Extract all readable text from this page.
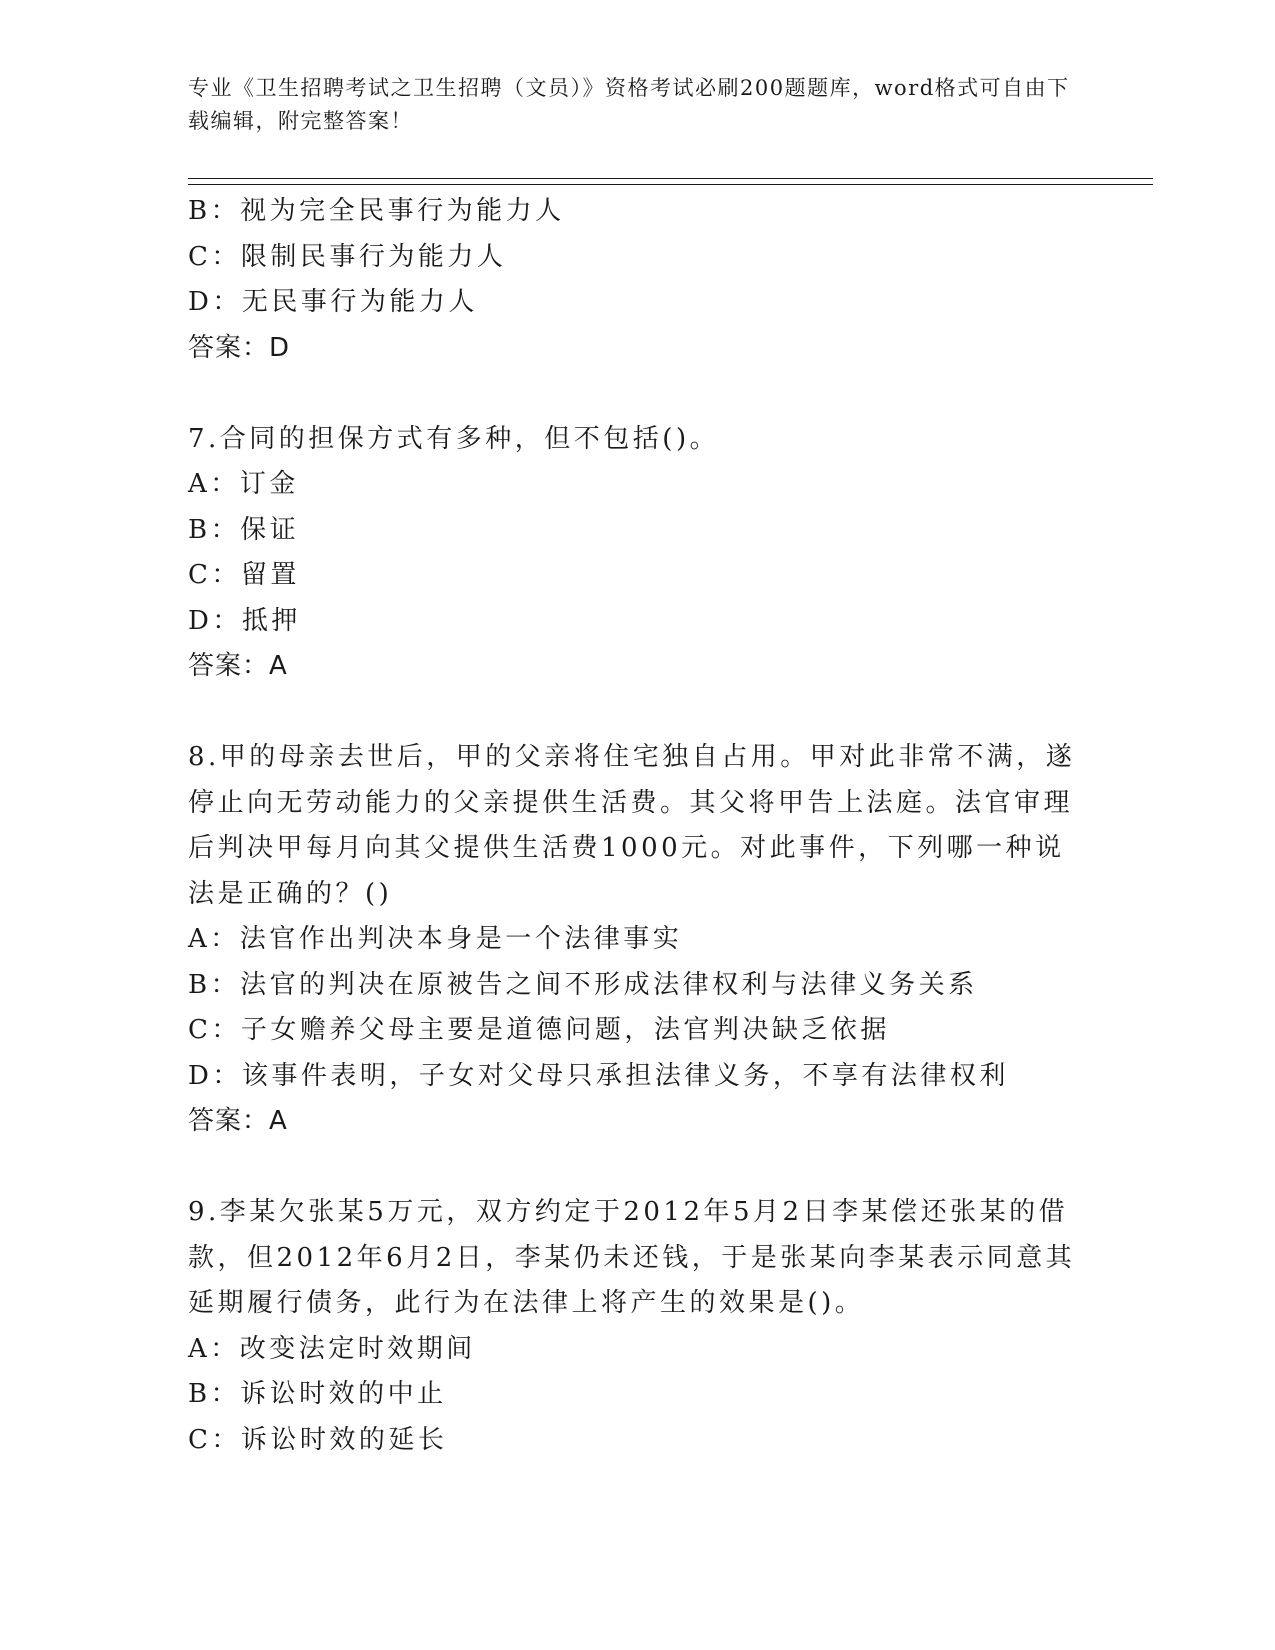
专业《卫生招聘考试之卫生招聘（文员）》资格考试必刷200题题库，word格式可自由下载编辑，附完整答案！
B：视为完全民事行为能力人
C：限制民事行为能力人
D：无民事行为能力人
答案：D
7.合同的担保方式有多种，但不包括()。
A：订金
B：保证
C：留置
D：抵押
答案：A
8.甲的母亲去世后，甲的父亲将住宅独自占用。甲对此非常不满，遂停止向无劳动能力的父亲提供生活费。其父将甲告上法庭。法官审理后判决甲每月向其父提供生活费1000元。对此事件，下列哪一种说法是正确的？()
A：法官作出判决本身是一个法律事实
B：法官的判决在原被告之间不形成法律权利与法律义务关系
C：子女赡养父母主要是道德问题，法官判决缺乏依据
D：该事件表明，子女对父母只承担法律义务，不享有法律权利
答案：A
9.李某欠张某5万元，双方约定于2012年5月2日李某偿还张某的借款，但2012年6月2日，李某仍未还钱，于是张某向李某表示同意其延期履行债务，此行为在法律上将产生的效果是()。
A：改变法定时效期间
B：诉讼时效的中止
C：诉讼时效的延长
